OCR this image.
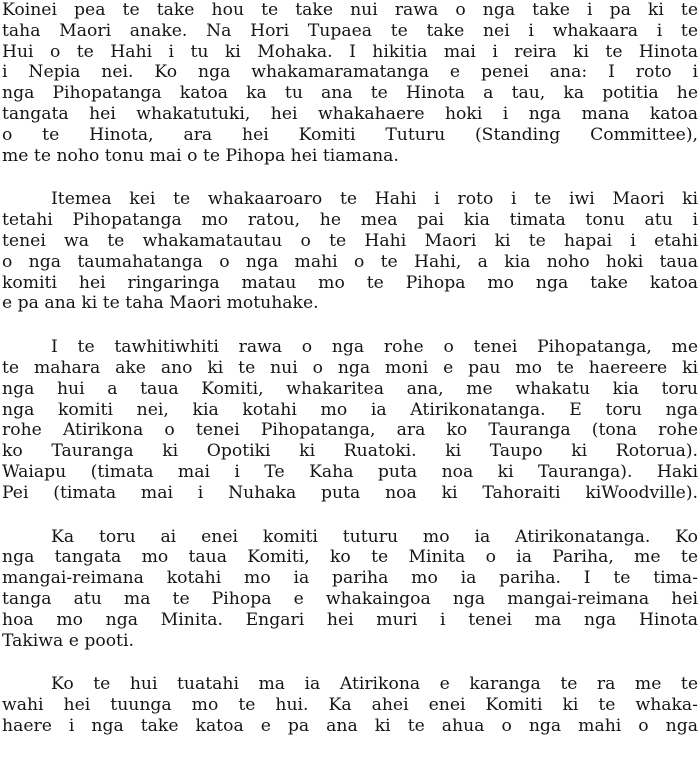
Koinei pea te take hou te take nui rawa o nga take i pa ki te
taha Maori anake. Na Hori Tupaea te take nei i whakaara i te
Hui o te Hahi i tu ki Mohaka. I hikitia mai i reira ki te Hinota
i Nepia nei. Ko nga whakamaramatanga e penei ana: I roto i
nga Pihopatanga katoa ka tu ana te Hinota a tau, ka potitia he
tangata hei whakatutuki, hei whakahaere hoki i nga mana katoa
o te Hinota, ara hei Komiti Tuturu (Standing Committee),
me te noho tonu mai o te Pihopa hei tiamana.
Itemea kei te whakaaroaro te Hahi i roto i te iwi Maori ki
tetahi Pihopatanga mo ratou, he mea pai kia timata tonu atu i
tenei wa te whakamatautau o te Hahi Maori ki te hapai i etahi
o nga taumahatanga o nga mahi o te Hahi, a kia noho hoki taua
komiti hei ringaringa matau mo te Pihopa mo nga take katoa
e pa ana ki te taha Maori motuhake.
I te tawhitiwhiti rawa o nga rohe o tenei Pihopatanga, me
te mahara ake ano ki te nui o nga moni e pau mo te haereere ki
nga hui a taua Komiti, whakaritea ana, me whakatu kia toru
nga komiti nei, kia kotahi mo ia Atirikonatanga. E toru nga
rohe Atirikona o tenei Pihopatanga, ara ko Tauranga (tona rohe
ko Tauranga ki Opotiki ki Ruatoki. ki Taupo ki Rotorua).
Waiapu (timata mai i Te Kaha puta noa ki Tauranga). Haki
Pei (timata mai i Nuhaka puta noa ki Tahoraiti kiWoodville).
Ka toru ai enei komiti tuturu mo ia Atirikonatanga. Ko
nga tangata mo taua Komiti, ko te Minita o ia Pariha, me te
mangai-reimana kotahi mo ia pariha mo ia pariha. I te tima-
tanga atu ma te Pihopa e whakaingoa nga mangai-reimana hei
hoa mo nga Minita. Engari hei muri i tenei ma nga Hinota
Takiwa e pooti.
Ko te hui tuatahi ma ia Atirikona e karanga te ra me te
wahi hei tuunga mo te hui. Ka ahei enei Komiti ki te whaka-
haere i nga take katoa e pa ana ki te ahua o nga mahi o nga
